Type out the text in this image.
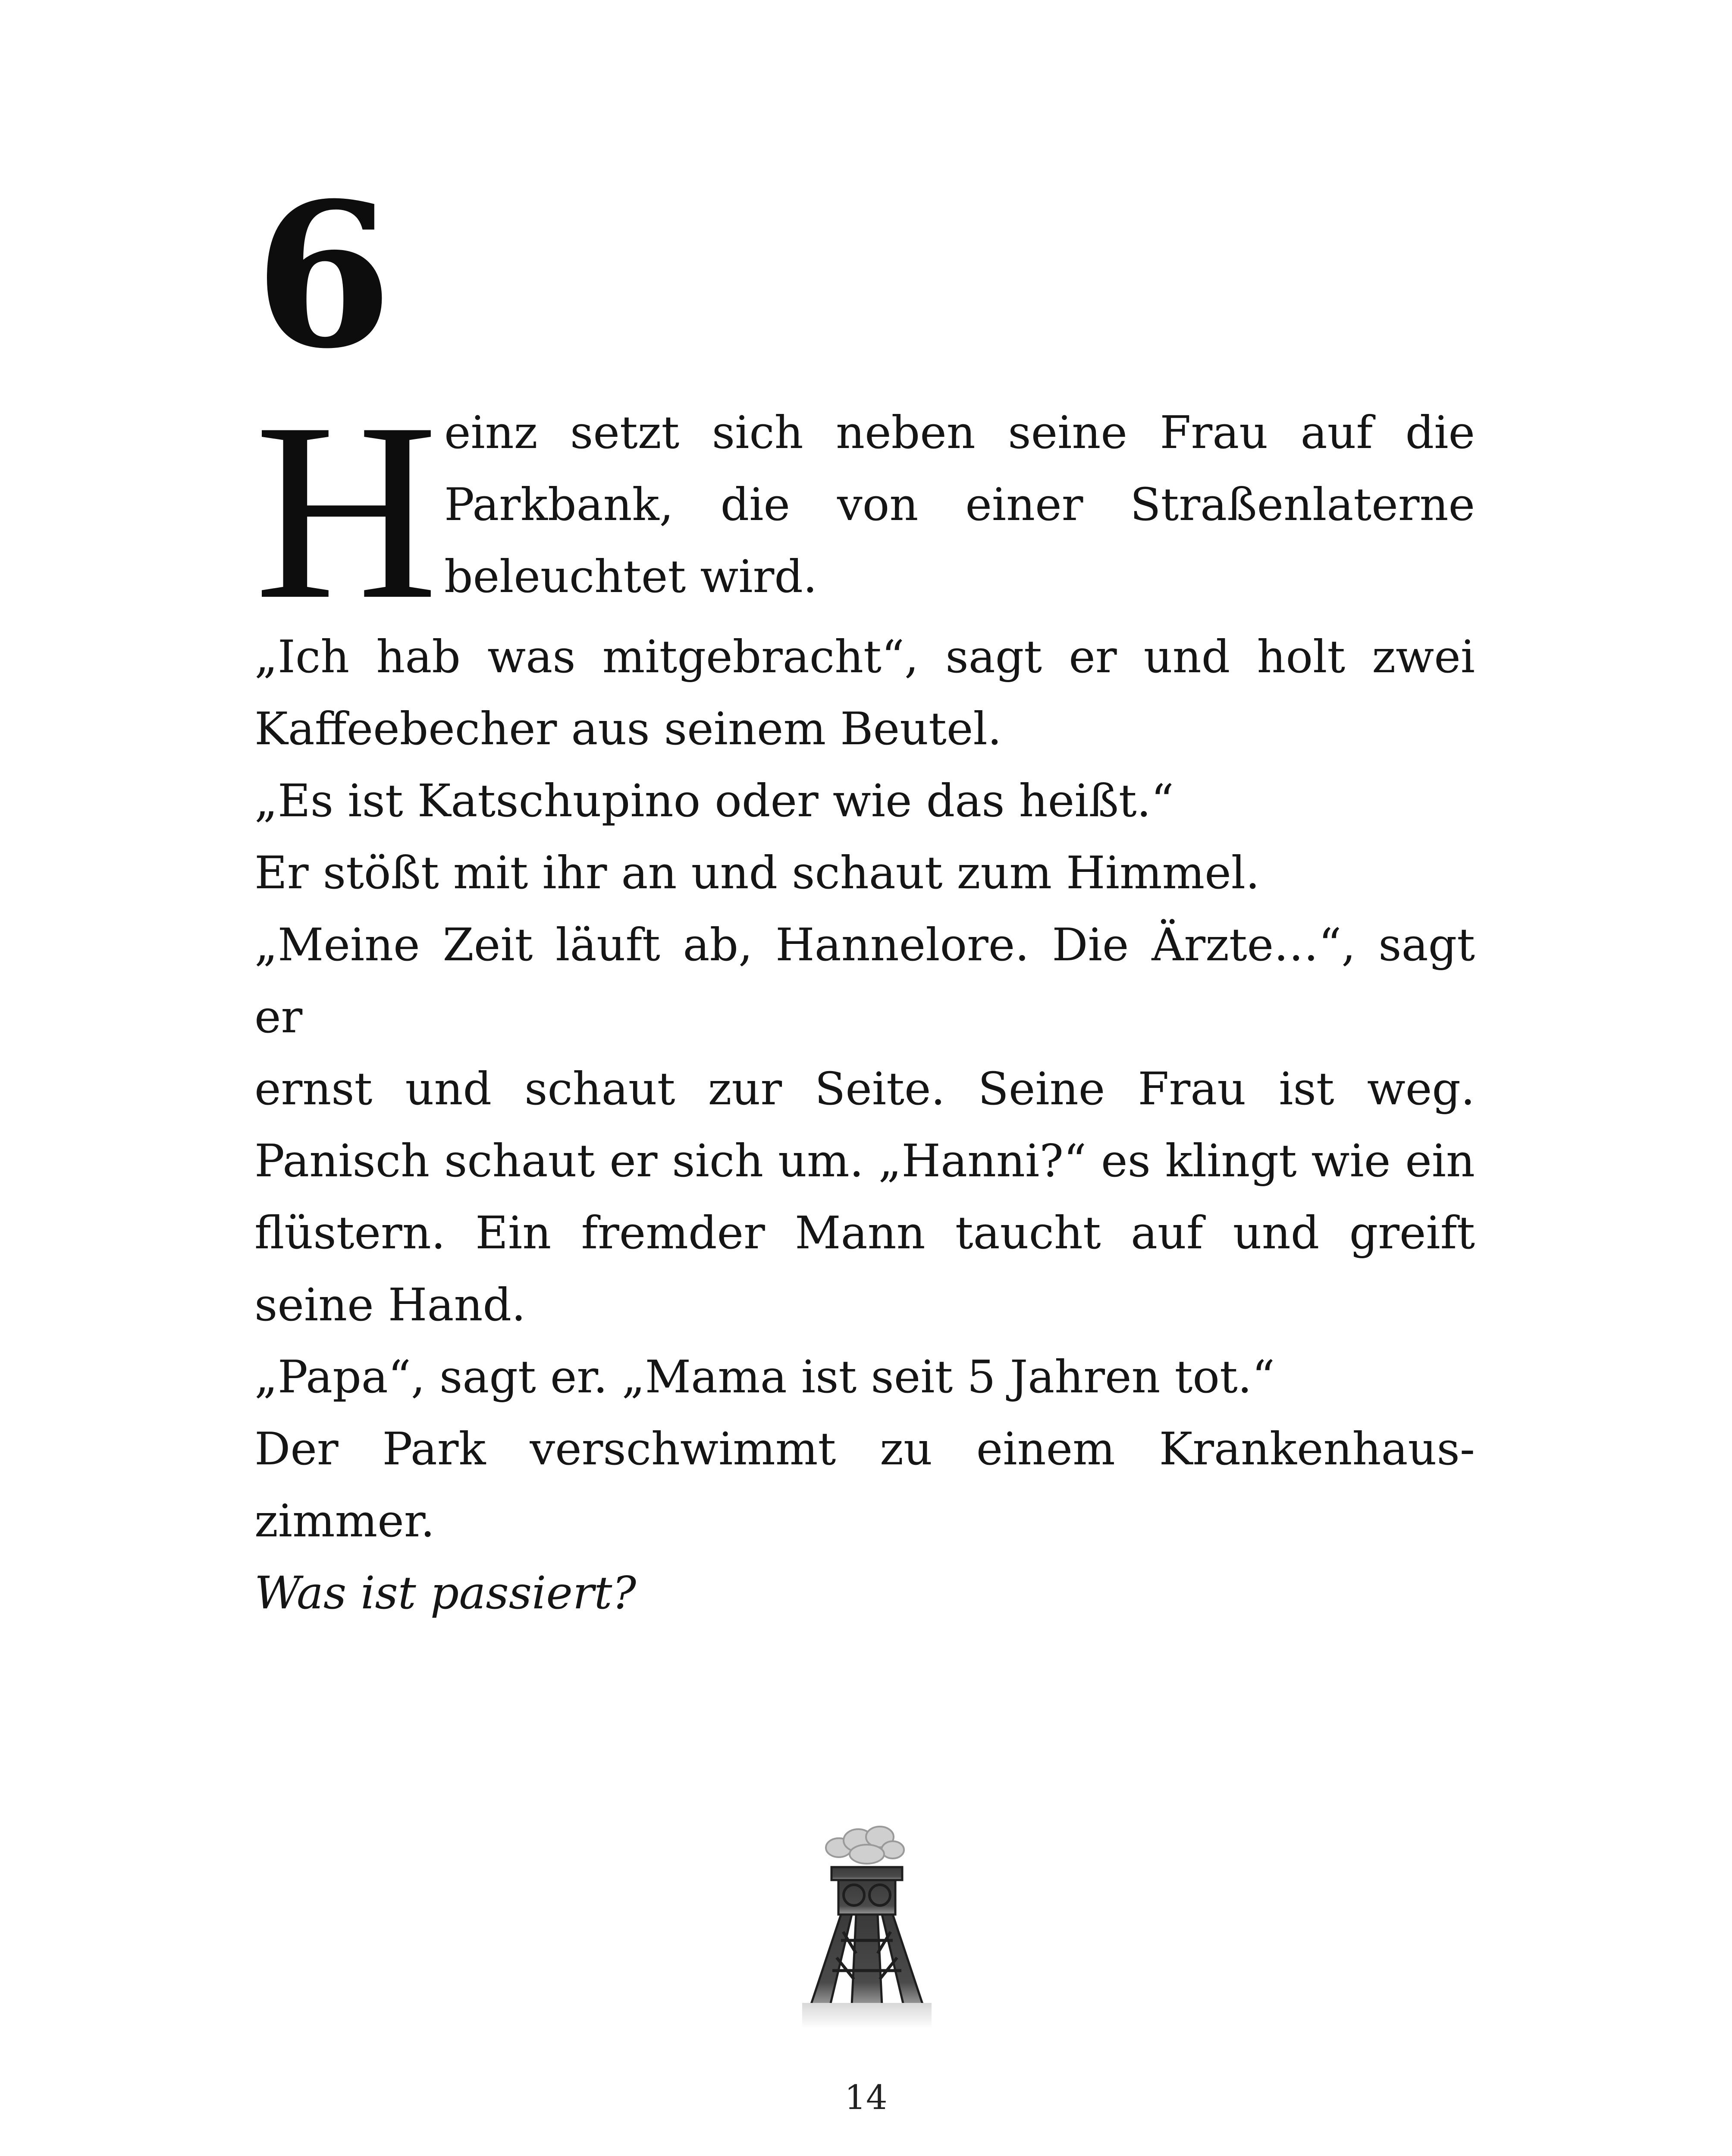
6
H einz setzt sich neben seine Frau auf die
Parkbank, die von einer Straßenlaterne
beleuchtet wird.
„Ich hab was mitgebracht“, sagt er und holt zwei
Kaffeebecher aus seinem Beutel.
„Es ist Katschupino oder wie das heißt.“
Er stößt mit ihr an und schaut zum Himmel.
„Meine Zeit läuft ab, Hannelore. Die Ärzte…“, sagt er
ernst und schaut zur Seite. Seine Frau ist weg.
Panisch schaut er sich um. „Hanni?“ es klingt wie ein
flüstern. Ein fremder Mann taucht auf und greift
seine Hand.
„Papa“, sagt er. „Mama ist seit 5 Jahren tot.“
Der Park verschwimmt zu einem Krankenhaus-
zimmer.
Was ist passiert?
14
